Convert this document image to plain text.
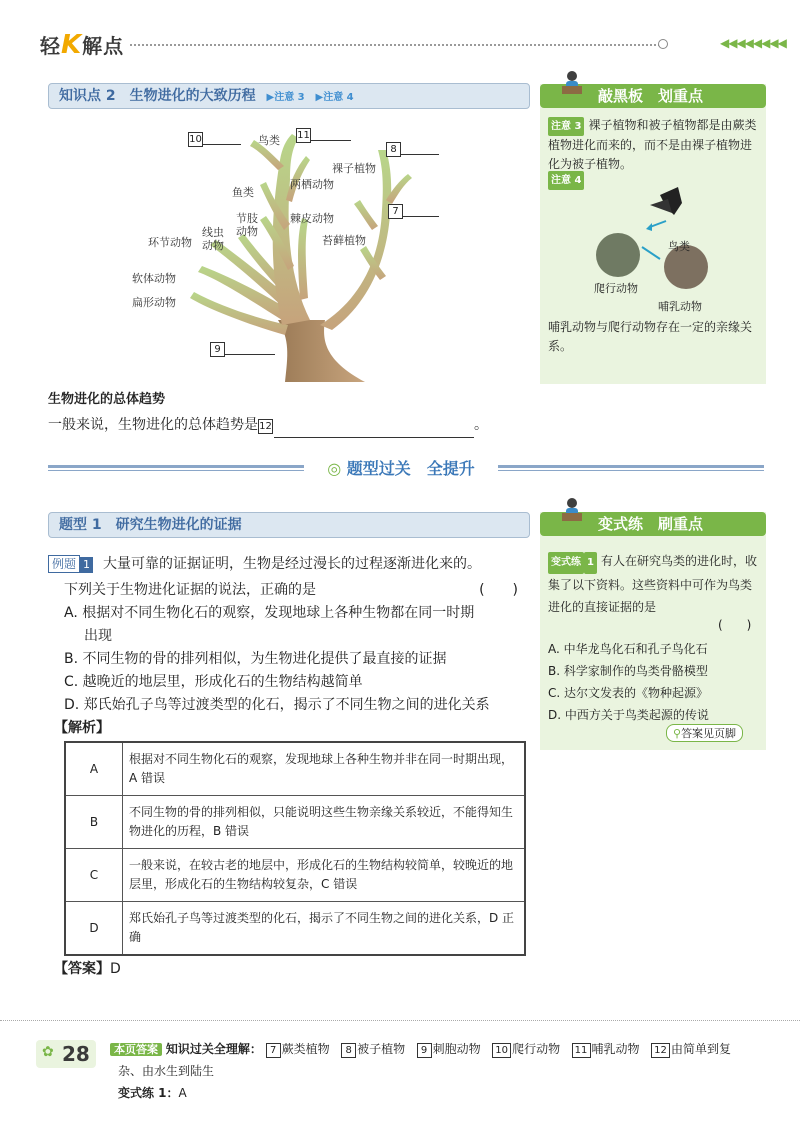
轻K解点	◀◀◀◀◀◀◀◀
知识点 2　生物进化的大致历程 ▶注意 3 ▶注意 4
10	鸟类 11
8
裸子植物
两栖动物
鱼类
7
节肢
动物
线虫
动物
棘皮动物
苔藓植物
环节动物
软体动物
扁形动物
9
生物进化的总体趋势
一般来说，生物进化的总体趋势是12	。
敲黑板　划重点
注意 3 裸子植物和被子植物都是由蕨类植物进化而来的，而不是由裸子植物进化为被子植物。
注意 4
鸟类
爬行动物
哺乳动物
哺乳动物与爬行动物存在一定的亲缘关系。
◎ 题型过关　全提升
题型 1　研究生物进化的证据
例题 1 大量可靠的证据证明，生物是经过漫长的过程逐渐进化来的。
下列关于生物进化证据的说法，正确的是	(　　)
A. 根据对不同生物化石的观察，发现地球上各种生物都在同一时期
出现
B. 不同生物的骨的排列相似，为生物进化提供了最直接的证据
C. 越晚近的地层里，形成化石的生物结构越简单
D. 郑氏始孔子鸟等过渡类型的化石，揭示了不同生物之间的进化关系
【解析】
A	根据对不同生物化石的观察，发现地球上各种生物并非在同一时期出现，A 错误
B	不同生物的骨的排列相似，只能说明这些生物亲缘关系较近，不能得知生物进化的历程，B 错误
C	一般来说，在较古老的地层中，形成化石的生物结构较简单，较晚近的地层里，形成化石的生物结构较复杂，C 错误
D	郑氏始孔子鸟等过渡类型的化石，揭示了不同生物之间的进化关系，D 正确
【答案】D
变式练　刷重点
变式练 1 有人在研究鸟类的进化时，收集了以下资料。这些资料中可作为鸟类进化的直接证据的是
(　　)
A. 中华龙鸟化石和孔子鸟化石
B. 科学家制作的鸟类骨骼模型
C. 达尔文发表的《物种起源》
D. 中西方关于鸟类起源的传说
⚲答案见页脚
✿ 28	本页答案 知识过关全理解： 7 蕨类植物 8 被子植物 9 刺胞动物 10 爬行动物 11 哺乳动物 12 由简单到复
杂、由水生到陆生
变式练 1：A
